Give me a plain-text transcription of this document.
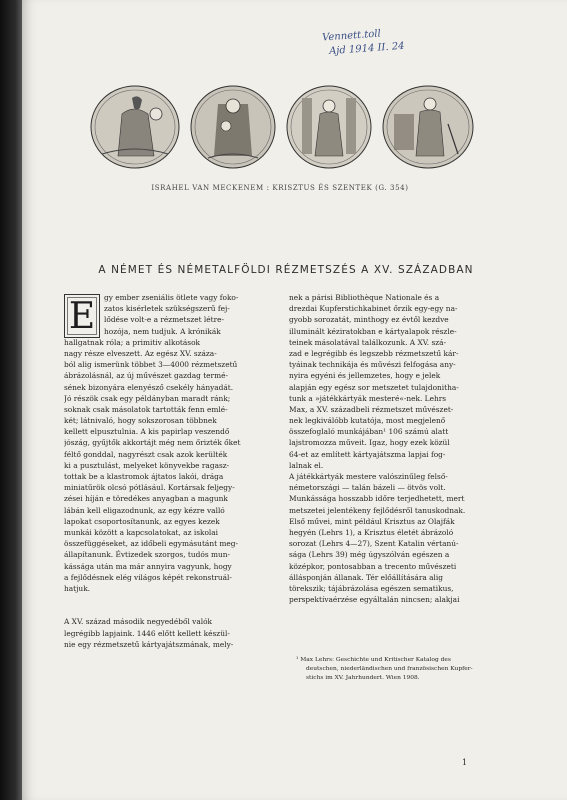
Vennett.toll
Ajd 1914 II. 24
ISRAHEL VAN MECKENEM : KRISZTUS ÉS SZENTEK (G. 354)
A NÉMET ÉS NÉMETALFÖLDI RÉZMETSZÉS A XV. SZÁZADBAN
E	gy ember zseniális ötlete vagy foko-
zatos kisérletek szükségszerű fej-
lődése volt-e a rézmetszet létre-
hozója, nem tudjuk. A krónikák
hallgatnak róla; a primitiv alkotások
nagy része elveszett. Az egész XV. száza-
ból alig ismerünk többet 3—4000 rézmetszetű
ábrázolásnál, az új művészet gazdag termé-
sének bizonyára elenyésző csekély hányadát.
Jó részök csak egy példányban maradt ránk;
soknak csak másolatok tartották fenn emlé-
két; látnivaló, hogy sokszorosan többnek
kellett elpusztulnia. A kis papirlap veszendő
jószág, gyűjtők akkortájt még nem őrizték őket
féltő gonddal, nagyrészt csak azok kerülték
ki a pusztulást, melyeket könyvekbe ragasz-
tottak be a klastromok ájtatos lakói, drága
miniatűrök olcsó pótlásául. Kortársak feljegy-
zései híján e töredékes anyagban a magunk
lábán kell eligazodnunk, az egy kézre valló
lapokat csoportosítanunk, az egyes kezek
munkái között a kapcsolatokat, az iskolai
összefüggéseket, az időbeli egymásutánt meg-
állapítanunk. Évtizedek szorgos, tudós mun-
kássága után ma már annyira vagyunk, hogy
a fejlődésnek elég világos képét rekonstruál-
hatjuk.
A XV. század második negyedéből valók
legrégibb lapjaink. 1446 előtt kellett készül-
nie egy rézmetszetű kártyajátszmának, mely-
nek a párisi Bibliothèque Nationale és a
drezdai Kupferstichkabinet őrzik egy-egy na-
gyobb sorozatát, minthogy ez évtől kezdve
illuminált kéziratokban e kártyalapok részle-
teinek másolatával találkozunk. A XV. szá-
zad e legrégibb és legszebb rézmetszetű kár-
tyáinak technikája és művészi felfogása any-
nyira egyéni és jellemzetes, hogy e jelek
alapján egy egész sor metszetet tulajdonitha-
tunk a »játékkártyák mesteré«-nek. Lehrs
Max, a XV. századbeli rézmetszet művészet-
nek legkiválóbb kutatója, most megjelenő
összefoglaló munkájában¹ 106 számú alatt
lajstromozza műveit. Igaz, hogy ezek közül
64-et az említett kártyajátszma lapjai fog-
lalnak el.
A játékkártyák mestere valószinűleg felső-
németországi — talán bázeli — ötvös volt.
Munkássága hosszabb időre terjedhetett, mert
metszetei jelentékeny fejlődésről tanuskodnak.
Első művei, mint például Krisztus az Olajfák
hegyén (Lehrs 1), a Krisztus életét ábrázoló
sorozat (Lehrs 4—27), Szent Katalin vértanú-
sága (Lehrs 39) még úgyszólván egészen a
középkor, pontosabban a trecento művészeti
állásponján állanak. Tér előállítására alig
törekszik; tájábrázolása egészen sematikus,
perspektívaérzése egyáltalán nincsen; alakjai
¹ Max Lehrs: Geschichte und Kritischer Katalog des
deutschen, niederländischen und französischen Kupfer-
stichs im XV. Jahrhundert. Wien 1908.
1
